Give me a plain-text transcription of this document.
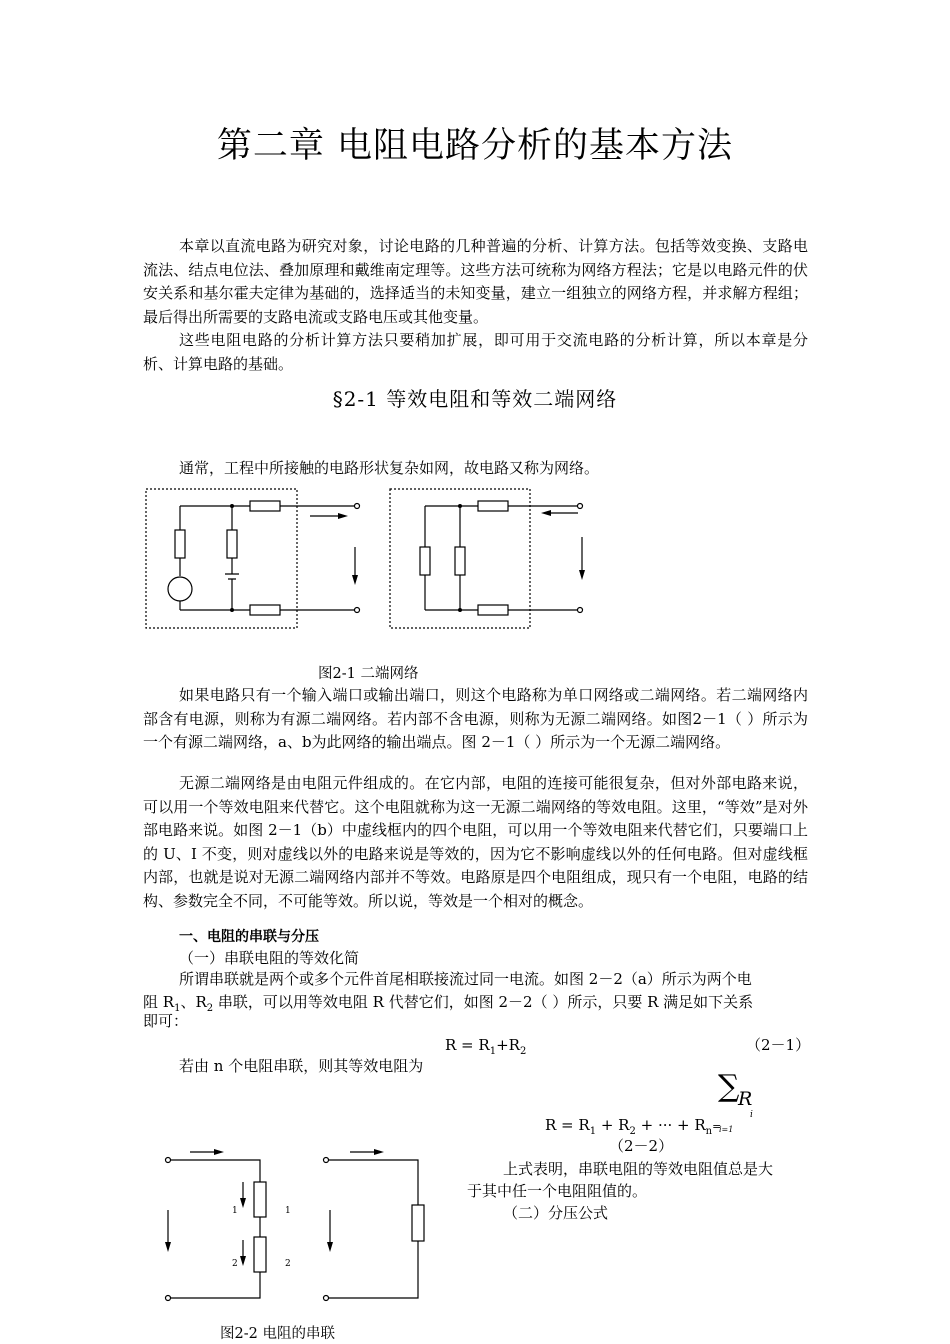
第二章 电阻电路分析的基本方法
本章以直流电路为研究对象，讨论电路的几种普遍的分析、计算方法。包括等效变换、支路电流法、结点电位法、叠加原理和戴维南定理等。这些方法可统称为网络方程法；它是以电路元件的伏安关系和基尔霍夫定律为基础的，选择适当的未知变量，建立一组独立的网络方程，并求解方程组；最后得出所需要的支路电流或支路电压或其他变量。
这些电阻电路的分析计算方法只要稍加扩展，即可用于交流电路的分析计算，所以本章是分析、计算电路的基础。
§2-1 等效电阻和等效二端网络
通常，工程中所接触的电路形状复杂如网，故电路又称为网络。
图2-1 二端网络
如果电路只有一个输入端口或输出端口，则这个电路称为单口网络或二端网络。若二端网络内部含有电源，则称为有源二端网络。若内部不含电源，则称为无源二端网络。如图2－1（ ）所示为一个有源二端网络，a、b为此网络的输出端点。图 2－1（ ）所示为一个无源二端网络。
无源二端网络是由电阻元件组成的。在它内部，电阻的连接可能很复杂，但对外部电路来说，可以用一个等效电阻来代替它。这个电阻就称为这一无源二端网络的等效电阻。这里，“等效”是对外部电路来说。如图 2－1（b）中虚线框内的四个电阻，可以用一个等效电阻来代替它们，只要端口上的 U、I 不变，则对虚线以外的电路来说是等效的，因为它不影响虚线以外的任何电路。但对虚线框内部，也就是说对无源二端网络内部并不等效。电路原是四个电阻组成，现只有一个电阻，电路的结构、参数完全不同，不可能等效。所以说，等效是一个相对的概念。
一、电阻的串联与分压
（一）串联电阻的等效化简
所谓串联就是两个或多个元件首尾相联接流过同一电流。如图 2－2（a）所示为两个电
阻 $R_1$、$R_2$ 串联，可以用等效电阻 R 代替它们，如图 2－2（ ）所示，只要 R 满足如下关系
即可：
$R = R_1+R_2$	（2－1）
若由 n 个电阻串联，则其等效电阻为
∑
R
i
$R = R_1 + R_2$ + ··· + $R_n=$
i=1
（2－2）
上式表明，串联电阻的等效电阻值总是大
于其中任一个电阻阻值的。
（二）分压公式
1	1
2	2
图2-2 电阻的串联
